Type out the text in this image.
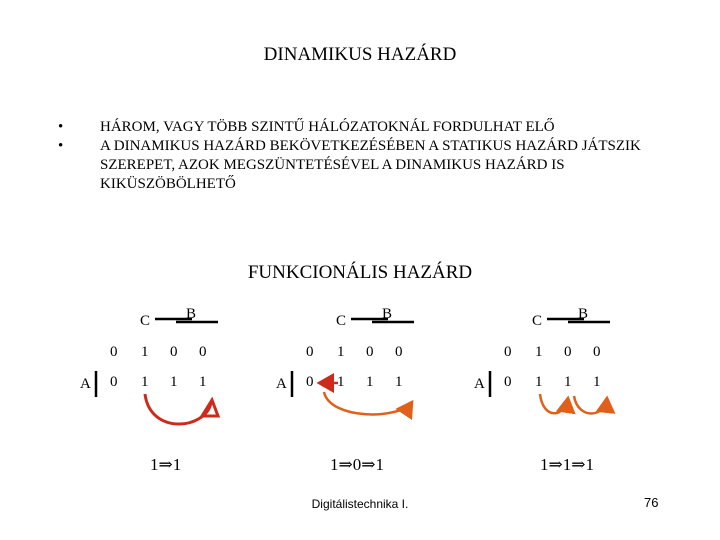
DINAMIKUS HAZÁRD
• HÁROM, VAGY TÖBB SZINTŰ HÁLÓZATOKNÁL FORDULHAT ELŐ
• A DINAMIKUS HAZÁRD BEKÖVETKEZÉSÉBEN A STATIKUS HAZÁRD JÁTSZIK SZEREPET, AZOK MEGSZÜNTETÉSÉVEL A DINAMIKUS HAZÁRD IS KIKÜSZÖBÖLHETŐ
FUNKCIONÁLIS HAZÁRD
C B
A
0 1 0 0
0 1 1 1
1⇒1
C B
A
0 1 0 0
0 1 1 1
1⇒0⇒1
C B
A
0 1 0 0
0 1 1 1
1⇒1⇒1
Digitálistechnika I.	76
